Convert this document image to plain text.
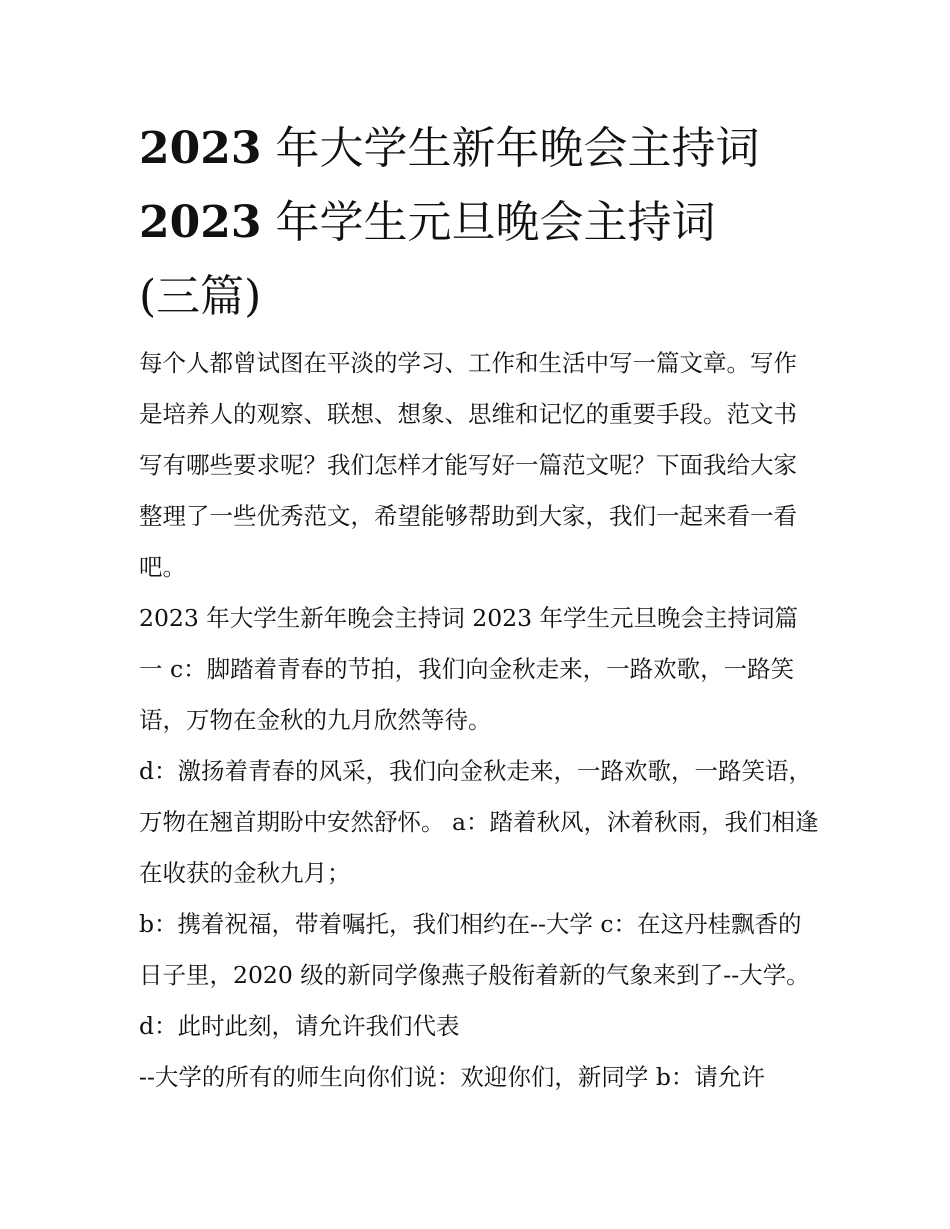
2023 年大学生新年晚会主持词
2023 年学生元旦晚会主持词
(三篇)

每个人都曾试图在平淡的学习、工作和生活中写一篇文章。写作是培养人的观察、联想、想象、思维和记忆的重要手段。范文书写有哪些要求呢？我们怎样才能写好一篇范文呢？下面我给大家整理了一些优秀范文，希望能够帮助到大家，我们一起来看一看吧。

2023 年大学生新年晚会主持词 2023 年学生元旦晚会主持词篇一 c：脚踏着青春的节拍，我们向金秋走来，一路欢歌，一路笑语，万物在金秋的九月欣然等待。

d：激扬着青春的风采，我们向金秋走来，一路欢歌，一路笑语，万物在翘首期盼中安然舒怀。 a：踏着秋风，沐着秋雨，我们相逢在收获的金秋九月；

b：携着祝福，带着嘱托，我们相约在--大学 c：在这丹桂飘香的日子里，2020 级的新同学像燕子般衔着新的气象来到了--大学。 d：此时此刻，请允许我们代表

--大学的所有的师生向你们说：欢迎你们，新同学 b：请允许
